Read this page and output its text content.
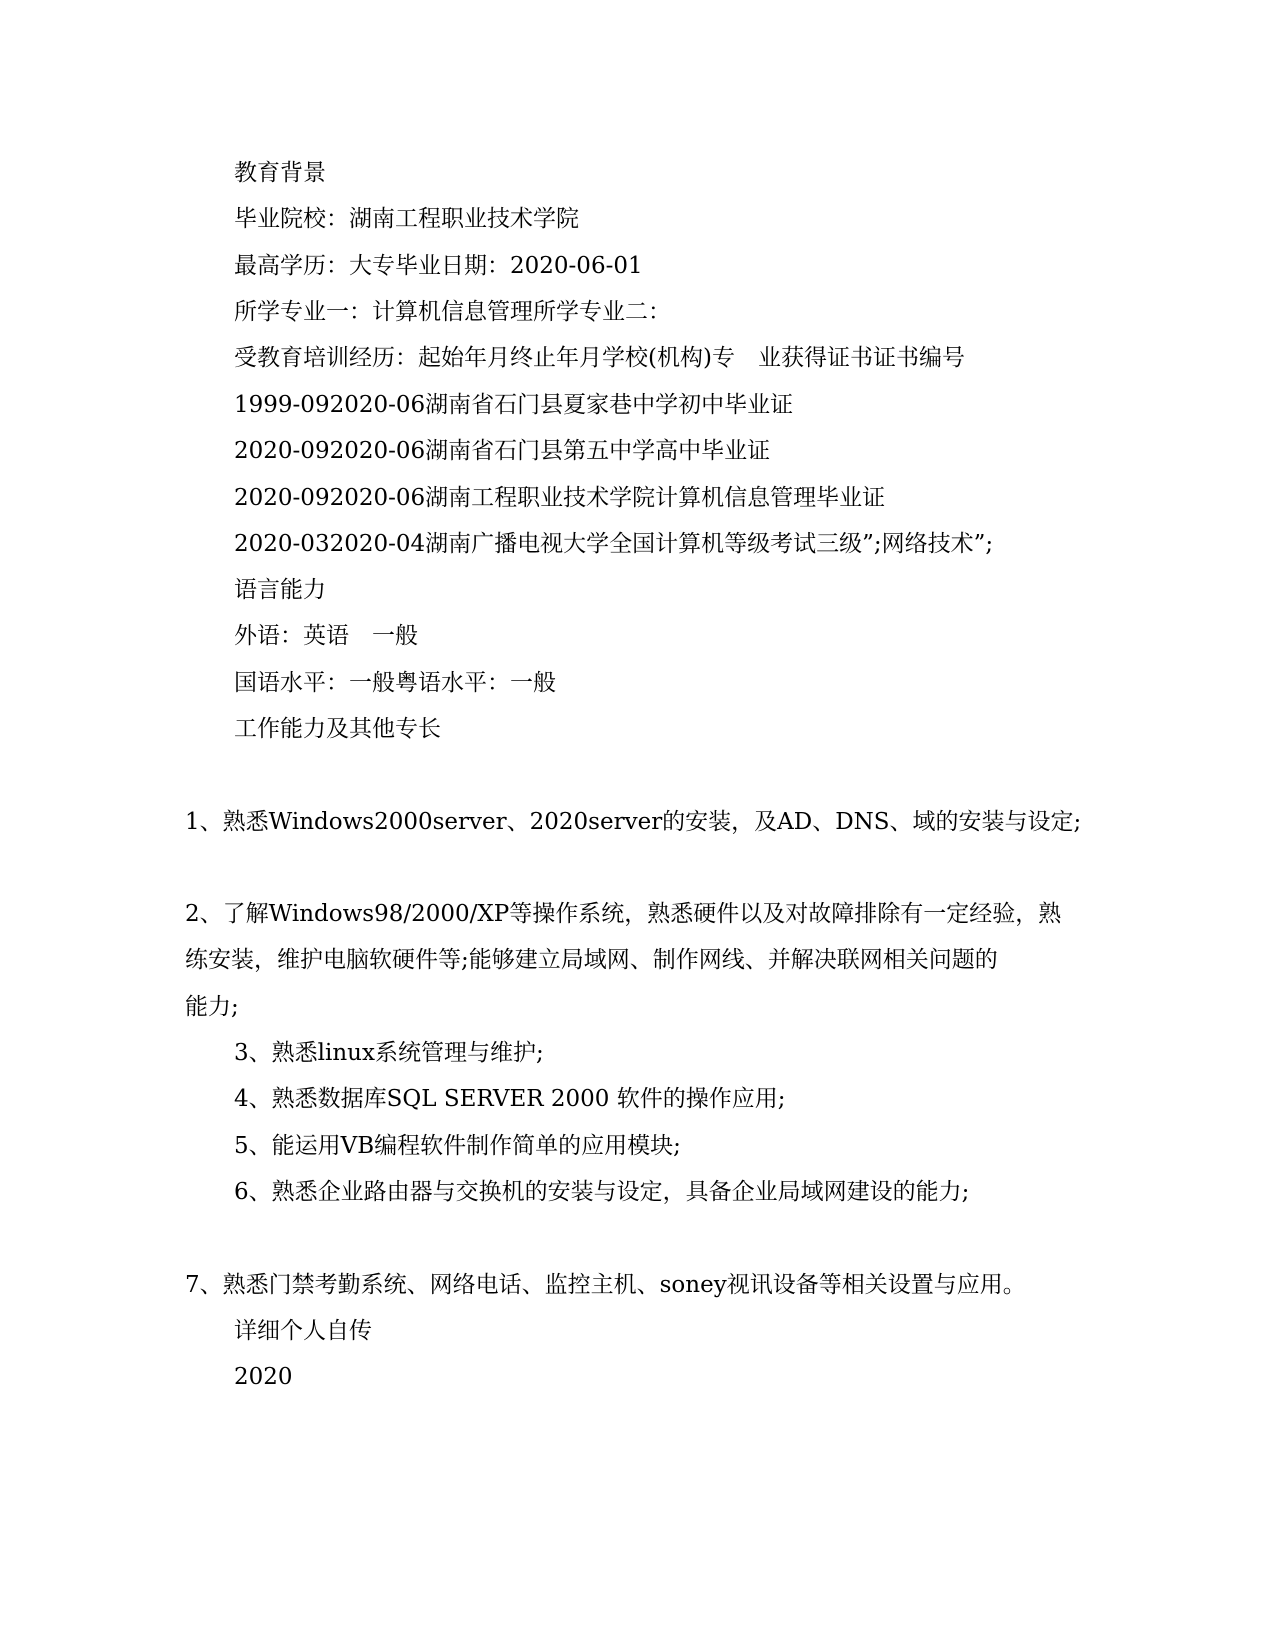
教育背景
毕业院校：湖南工程职业技术学院
最高学历：大专毕业日期：2020-06-01
所学专业一：计算机信息管理所学专业二：
受教育培训经历：起始年月终止年月学校(机构)专　业获得证书证书编号
1999-092020-06湖南省石门县夏家巷中学初中毕业证
2020-092020-06湖南省石门县第五中学高中毕业证
2020-092020-06湖南工程职业技术学院计算机信息管理毕业证
2020-032020-04湖南广播电视大学全国计算机等级考试三级”;网络技术”;
语言能力
外语：英语　一般
国语水平：一般粤语水平：一般
工作能力及其他专长
1、熟悉Windows2000server、2020server的安装，及AD、DNS、域的安装与设定;
2、了解Windows98/2000/XP等操作系统，熟悉硬件以及对故障排除有一定经验，熟
练安装，维护电脑软硬件等;能够建立局域网、制作网线、并解决联网相关问题的
能力;
3、熟悉linux系统管理与维护;
4、熟悉数据库SQL SERVER 2000 软件的操作应用;
5、能运用VB编程软件制作简单的应用模块;
6、熟悉企业路由器与交换机的安装与设定，具备企业局域网建设的能力;
7、熟悉门禁考勤系统、网络电话、监控主机、soney视讯设备等相关设置与应用。
详细个人自传
2020
